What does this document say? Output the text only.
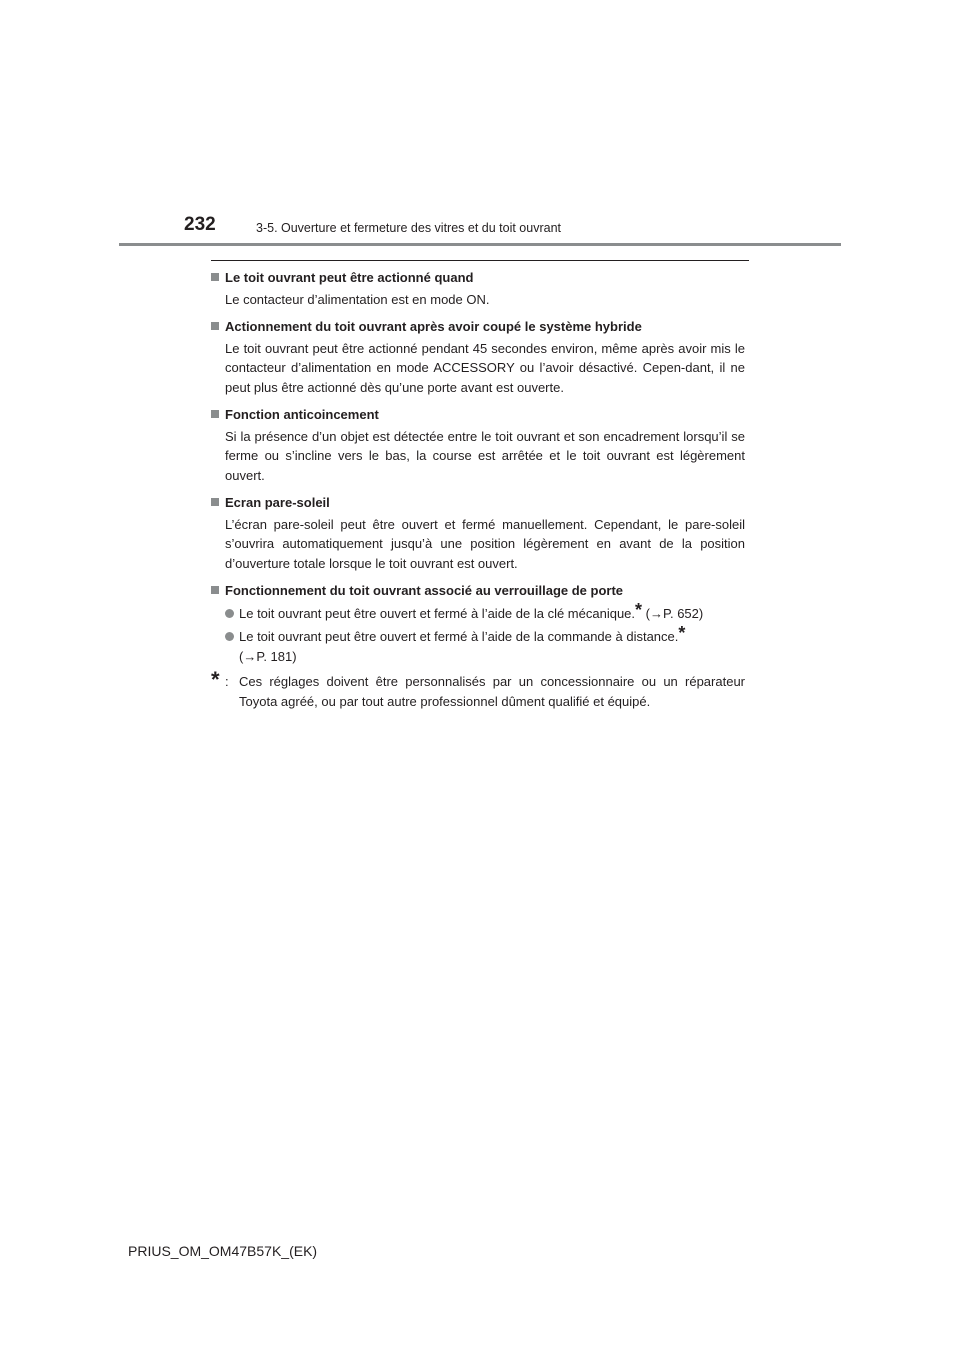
232	3-5. Ouverture et fermeture des vitres et du toit ouvrant

Le toit ouvrant peut être actionné quand

Le contacteur d’alimentation est en mode ON.

Actionnement du toit ouvrant après avoir coupé le système hybride

Le toit ouvrant peut être actionné pendant 45 secondes environ, même après avoir mis le contacteur d’alimentation en mode ACCESSORY ou l’avoir désactivé. Cepen-dant, il ne peut plus être actionné dès qu’une porte avant est ouverte.

Fonction anticoincement

Si la présence d’un objet est détectée entre le toit ouvrant et son encadrement lorsqu’il se ferme ou s’incline vers le bas, la course est arrêtée et le toit ouvrant est légèrement ouvert.

Ecran pare-soleil

L’écran pare-soleil peut être ouvert et fermé manuellement. Cependant, le pare-soleil s’ouvrira automatiquement jusqu’à une position légèrement en avant de la position d’ouverture totale lorsque le toit ouvrant est ouvert.

Fonctionnement du toit ouvrant associé au verrouillage de porte

Le toit ouvrant peut être ouvert et fermé à l’aide de la clé mécanique.* (→P. 652)

Le toit ouvrant peut être ouvert et fermé à l’aide de la commande à distance.*
(→P. 181)

* : Ces réglages doivent être personnalisés par un concessionnaire ou un réparateur Toyota agréé, ou par tout autre professionnel dûment qualifié et équipé.

PRIUS_OM_OM47B57K_(EK)
